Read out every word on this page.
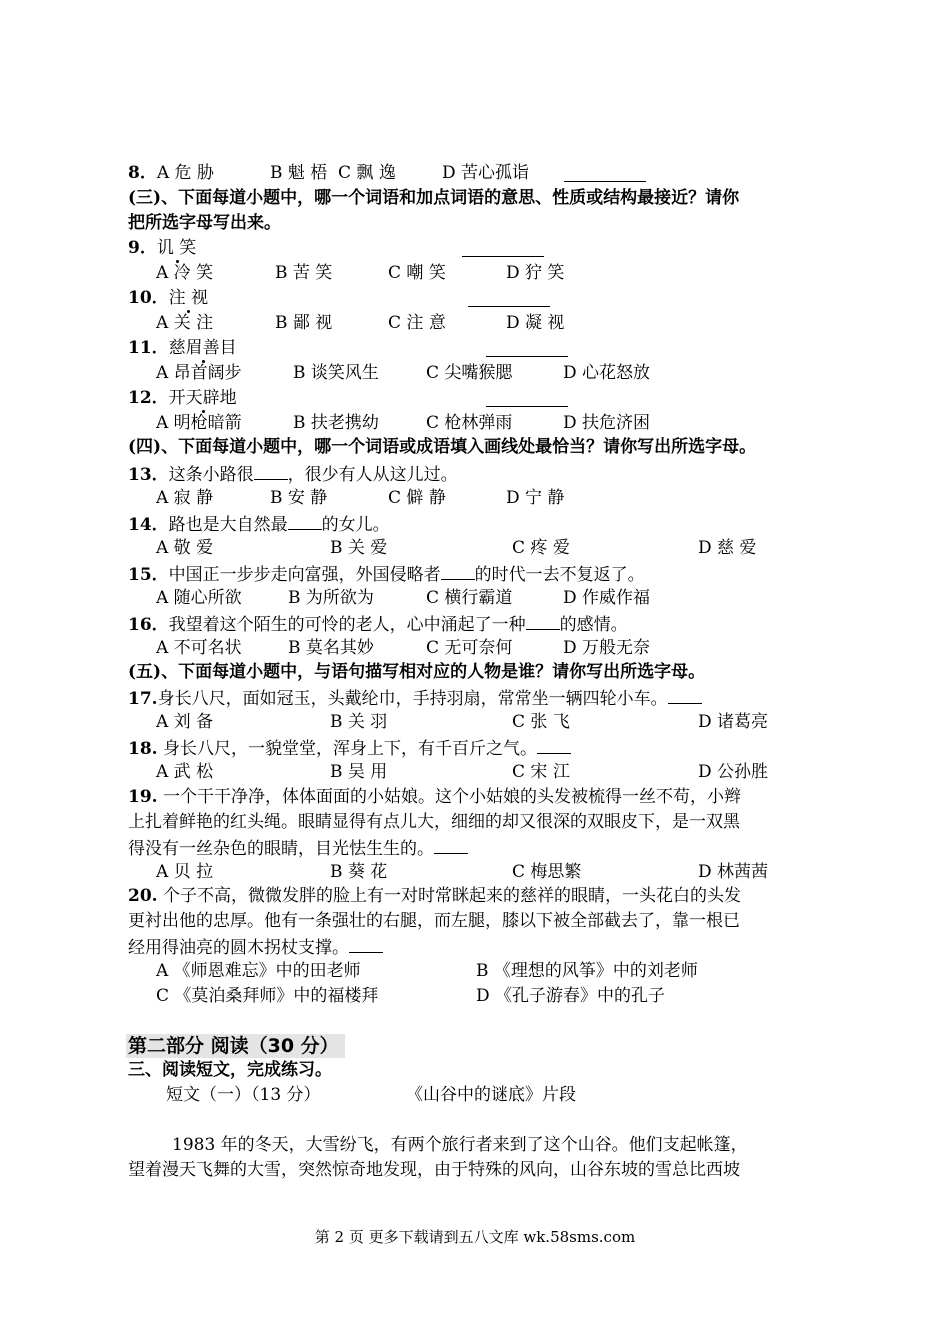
8．A 危 胁	B 魁 梧 C 飘 逸	D 苦心孤诣
(三)、下面每道小题中，哪一个词语和加点词语的意思、性质或结构最接近？请你
把所选字母写出来。
9．讥 笑
A 冷 笑	B 苦 笑	C 嘲 笑	D 狞 笑
10．注 视
A 关 注	B 鄙 视	C 注 意	D 凝 视
11．慈眉善目
A 昂首阔步	B 谈笑风生	C 尖嘴猴腮	D 心花怒放
12．开天辟地
A 明枪暗箭	B 扶老携幼	C 枪林弹雨	D 扶危济困
(四)、下面每道小题中，哪一个词语或成语填入画线处最恰当？请你写出所选字母。
13．这条小路很 ，很少有人从这儿过。
A 寂 静	B 安 静	C 僻 静	D 宁 静
14．路也是大自然最 的女儿。
A 敬 爱	B 关 爱	C 疼 爱	D 慈 爱
15．中国正一步步走向富强，外国侵略者 的时代一去不复返了。
A 随心所欲	B 为所欲为	C 横行霸道	D 作威作福
16．我望着这个陌生的可怜的老人，心中涌起了一种 的感情。
A 不可名状	B 莫名其妙	C 无可奈何	D 万般无奈
(五)、下面每道小题中，与语句描写相对应的人物是谁？请你写出所选字母。
17.身长八尺，面如冠玉，头戴纶巾，手持羽扇，常常坐一辆四轮小车。
A 刘 备	B 关 羽	C 张 飞	D 诸葛亮
18. 身长八尺，一貌堂堂，浑身上下，有千百斤之气。
A 武 松	B 吴 用	C 宋 江	D 公孙胜
19. 一个干干净净，体体面面的小姑娘。这个小姑娘的头发被梳得一丝不苟，小辫
上扎着鲜艳的红头绳。眼睛显得有点儿大，细细的却又很深的双眼皮下，是一双黑
得没有一丝杂色的眼睛，目光怯生生的。
A 贝 拉	B 葵 花	C 梅思繁	D 林茜茜
20. 个子不高，微微发胖的脸上有一对时常眯起来的慈祥的眼睛，一头花白的头发
更衬出他的忠厚。他有一条强壮的右腿，而左腿，膝以下被全部截去了，靠一根已
经用得油亮的圆木拐杖支撑。
A 《师恩难忘》中的田老师	B 《理想的风筝》中的刘老师
C 《莫泊桑拜师》中的福楼拜	D 《孔子游春》中的孔子
第二部分 阅读（30 分）
三、阅读短文，完成练习。
短文（一）（13 分）	《山谷中的谜底》片段
1983 年的冬天，大雪纷飞，有两个旅行者来到了这个山谷。他们支起帐篷，
望着漫天飞舞的大雪，突然惊奇地发现，由于特殊的风向，山谷东坡的雪总比西坡
第 2 页 更多下载请到五八文库 wk.58sms.com
